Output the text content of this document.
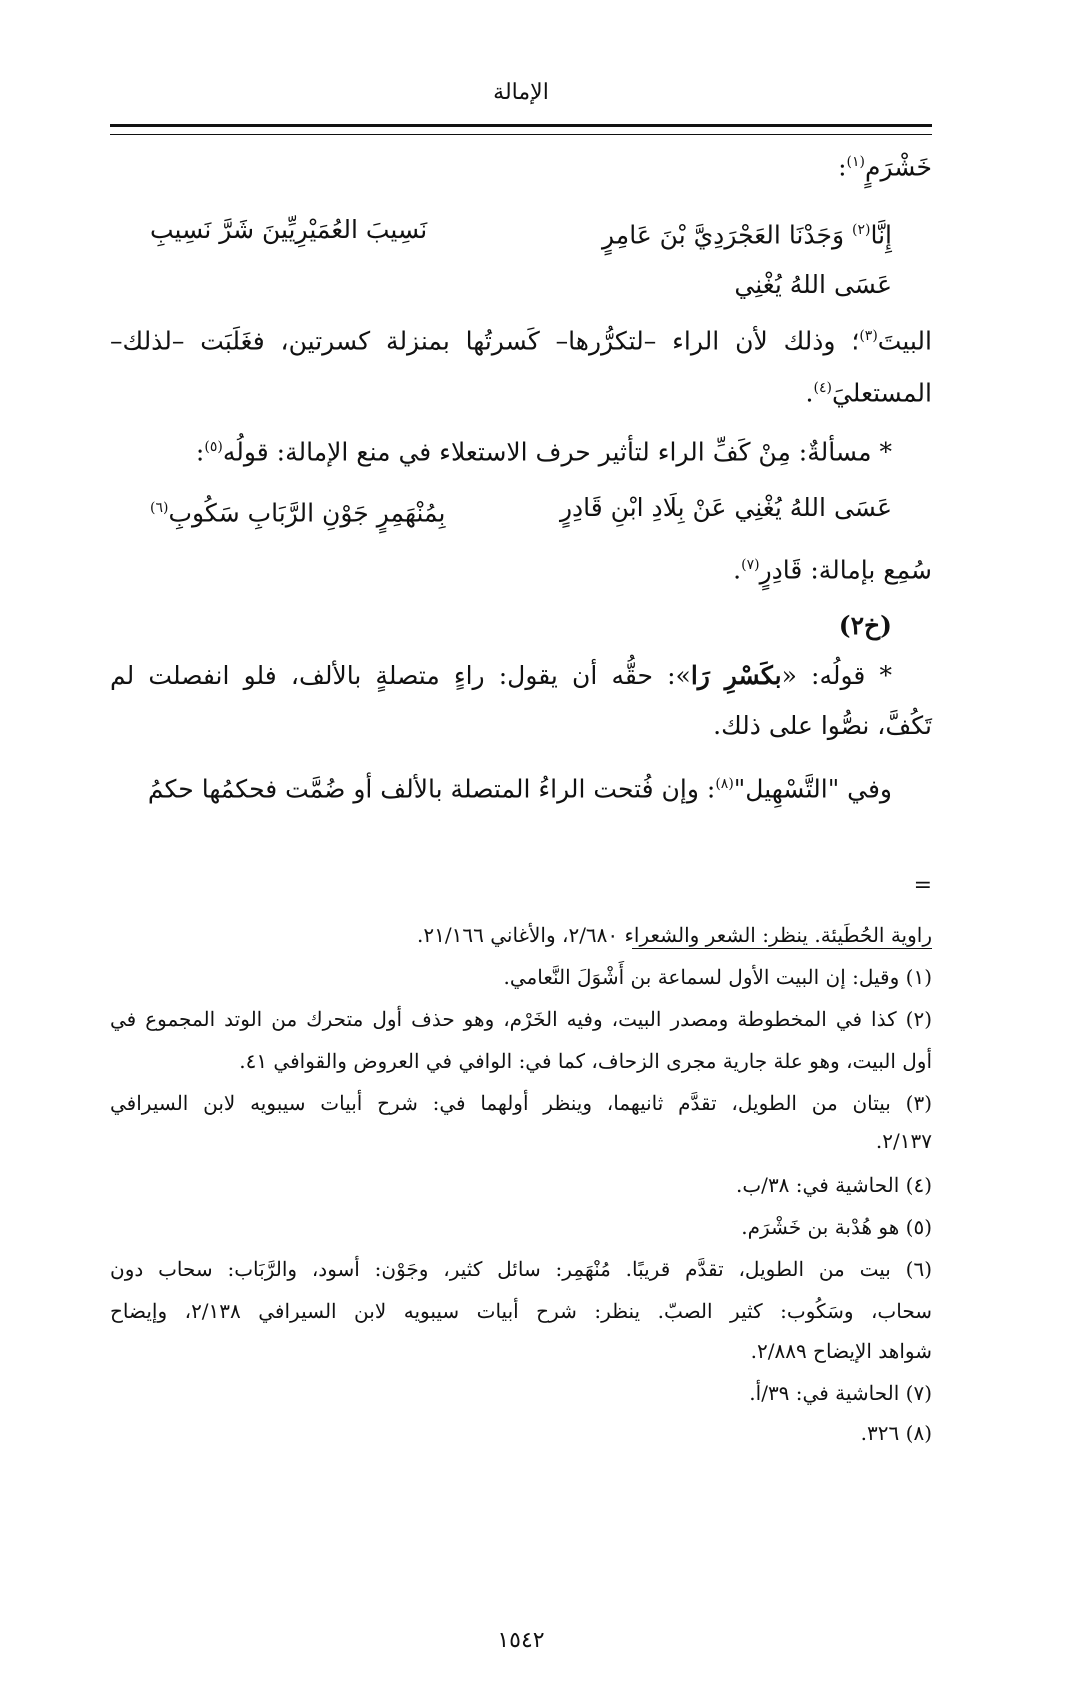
الإمالة
خَشْرَمٍ$^{(١)}$:
إِنَّا$^{(٢)}$ وَجَدْنَا العَجْرَدِيَّ بْنَ عَامِرٍ
نَسِيبَ العُمَيْرِيِّينَ شَرَّ نَسِيبِ
عَسَى اللهُ يُغْنِي
البيتَ$^{(٣)}$؛ وذلك لأن الراء –لتكرُّرها– كَسرتُها بمنزلة كسرتين، فغَلَبَت –لذلك–
المستعليَ$^{(٤)}$.
* مسألةٌ: مِنْ كَفِّ الراء لتأثير حرف الاستعلاء في منع الإمالة: قولُه$^{(٥)}$:
عَسَى اللهُ يُغْنِي عَنْ بِلَادِ ابْنِ قَادِرٍ
بِمُنْهَمِرٍ جَوْنِ الرَّبَابِ سَكُوبِ$^{(٦)}$
سُمِع بإمالة: قَادِرٍ$^{(٧)}$.
(خ٢)
* قولُه: «بكَسْرِ رَا»: حقُّه أن يقول: راءٍ متصلةٍ بالألف، فلو انفصلت لم
تَكُفَّ، نصُّوا على ذلك.
وفي "التَّسْهِيل"$^{(٨)}$: وإن فُتحت الراءُ المتصلة بالألف أو ضُمَّت فحكمُها حكمُ
=
راوية الحُطَيئة. ينظر: الشعر والشعراء ٢/٦٨٠، والأغاني ٢١/١٦٦.
(١) وقيل: إن البيت الأول لسماعة بن أَشْوَلَ النَّعامي.
(٢) كذا في المخطوطة ومصدر البيت، وفيه الخَرْم، وهو حذف أول متحرك من الوتد المجموع في
أول البيت، وهو علة جارية مجرى الزحاف، كما في: الوافي في العروض والقوافي ٤١.
(٣) بيتان من الطويل، تقدَّم ثانيهما، وينظر أولهما في: شرح أبيات سيبويه لابن السيرافي
٢/١٣٧.
(٤) الحاشية في: ٣٨/ب.
(٥) هو هُدْبة بن خَشْرَم.
(٦) بيت من الطويل، تقدَّم قريبًا. مُنْهَمِر: سائل كثير، وجَوْن: أسود، والرَّبَاب: سحاب دون
سحاب، وسَكُوب: كثير الصبّ. ينظر: شرح أبيات سيبويه لابن السيرافي ٢/١٣٨، وإيضاح
شواهد الإيضاح ٢/٨٨٩.
(٧) الحاشية في: ٣٩/أ.
(٨) ٣٢٦.
١٥٤٢
